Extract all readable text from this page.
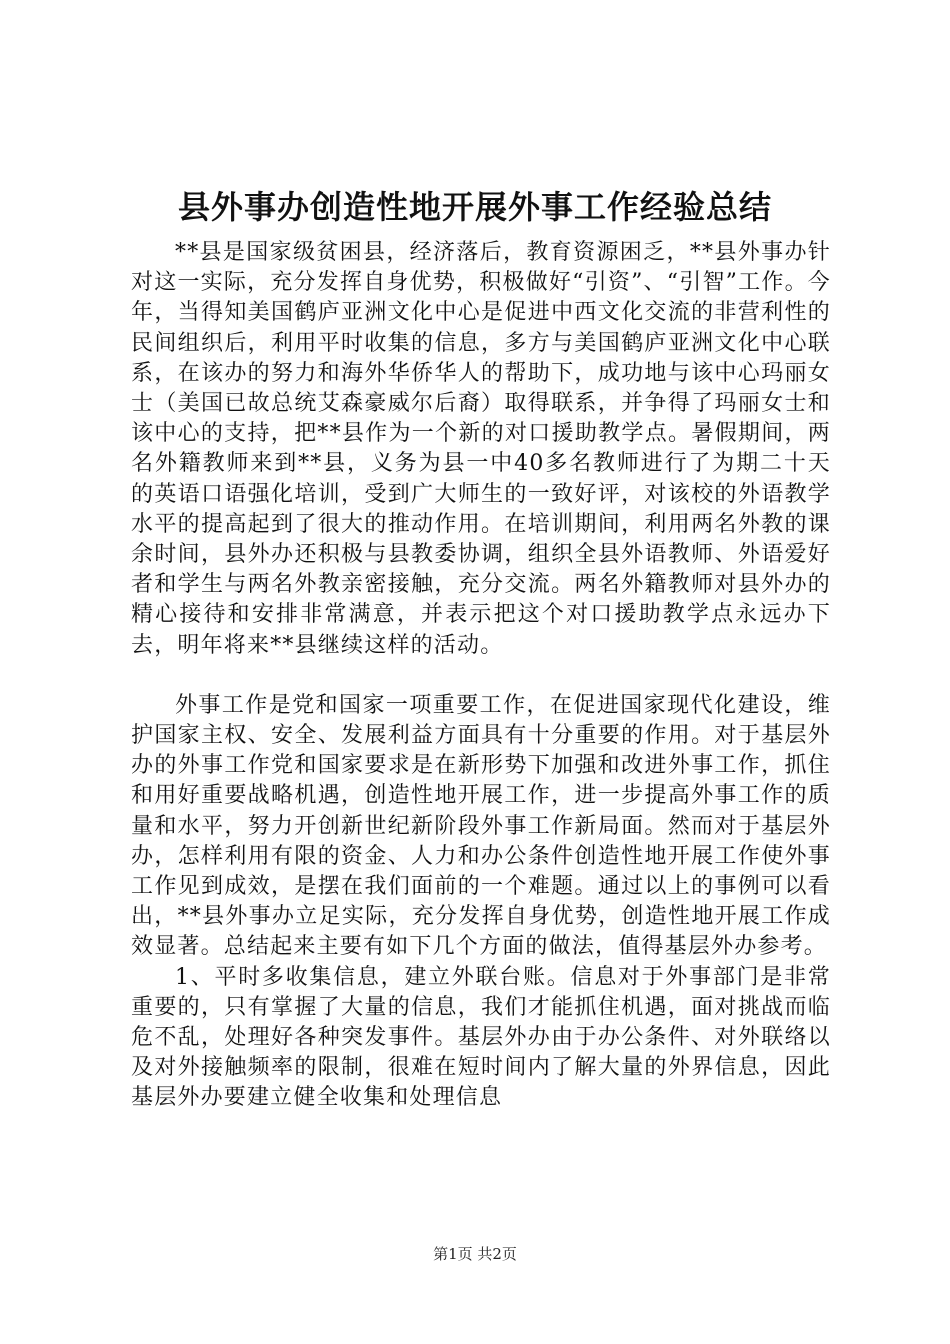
县外事办创造性地开展外事工作经验总结

**县是国家级贫困县，经济落后，教育资源困乏，**县外事办针对这一实际，充分发挥自身优势，积极做好“引资”、“引智”工作。今年，当得知美国鹤庐亚洲文化中心是促进中西文化交流的非营利性的民间组织后，利用平时收集的信息，多方与美国鹤庐亚洲文化中心联系，在该办的努力和海外华侨华人的帮助下，成功地与该中心玛丽女士（美国已故总统艾森豪威尔后裔）取得联系，并争得了玛丽女士和该中心的支持，把**县作为一个新的对口援助教学点。暑假期间，两名外籍教师来到**县，义务为县一中40多名教师进行了为期二十天的英语口语强化培训，受到广大师生的一致好评，对该校的外语教学水平的提高起到了很大的推动作用。在培训期间，利用两名外教的课余时间，县外办还积极与县教委协调，组织全县外语教师、外语爱好者和学生与两名外教亲密接触，充分交流。两名外籍教师对县外办的精心接待和安排非常满意，并表示把这个对口援助教学点永远办下去，明年将来**县继续这样的活动。

外事工作是党和国家一项重要工作，在促进国家现代化建设，维护国家主权、安全、发展利益方面具有十分重要的作用。对于基层外办的外事工作党和国家要求是在新形势下加强和改进外事工作，抓住和用好重要战略机遇，创造性地开展工作，进一步提高外事工作的质量和水平，努力开创新世纪新阶段外事工作新局面。然而对于基层外办，怎样利用有限的资金、人力和办公条件创造性地开展工作使外事工作见到成效，是摆在我们面前的一个难题。通过以上的事例可以看出，**县外事办立足实际，充分发挥自身优势，创造性地开展工作成效显著。总结起来主要有如下几个方面的做法，值得基层外办参考。

1、平时多收集信息，建立外联台账。信息对于外事部门是非常重要的，只有掌握了大量的信息，我们才能抓住机遇，面对挑战而临危不乱，处理好各种突发事件。基层外办由于办公条件、对外联络以及对外接触频率的限制，很难在短时间内了解大量的外界信息，因此基层外办要建立健全收集和处理信息

第1页 共2页
